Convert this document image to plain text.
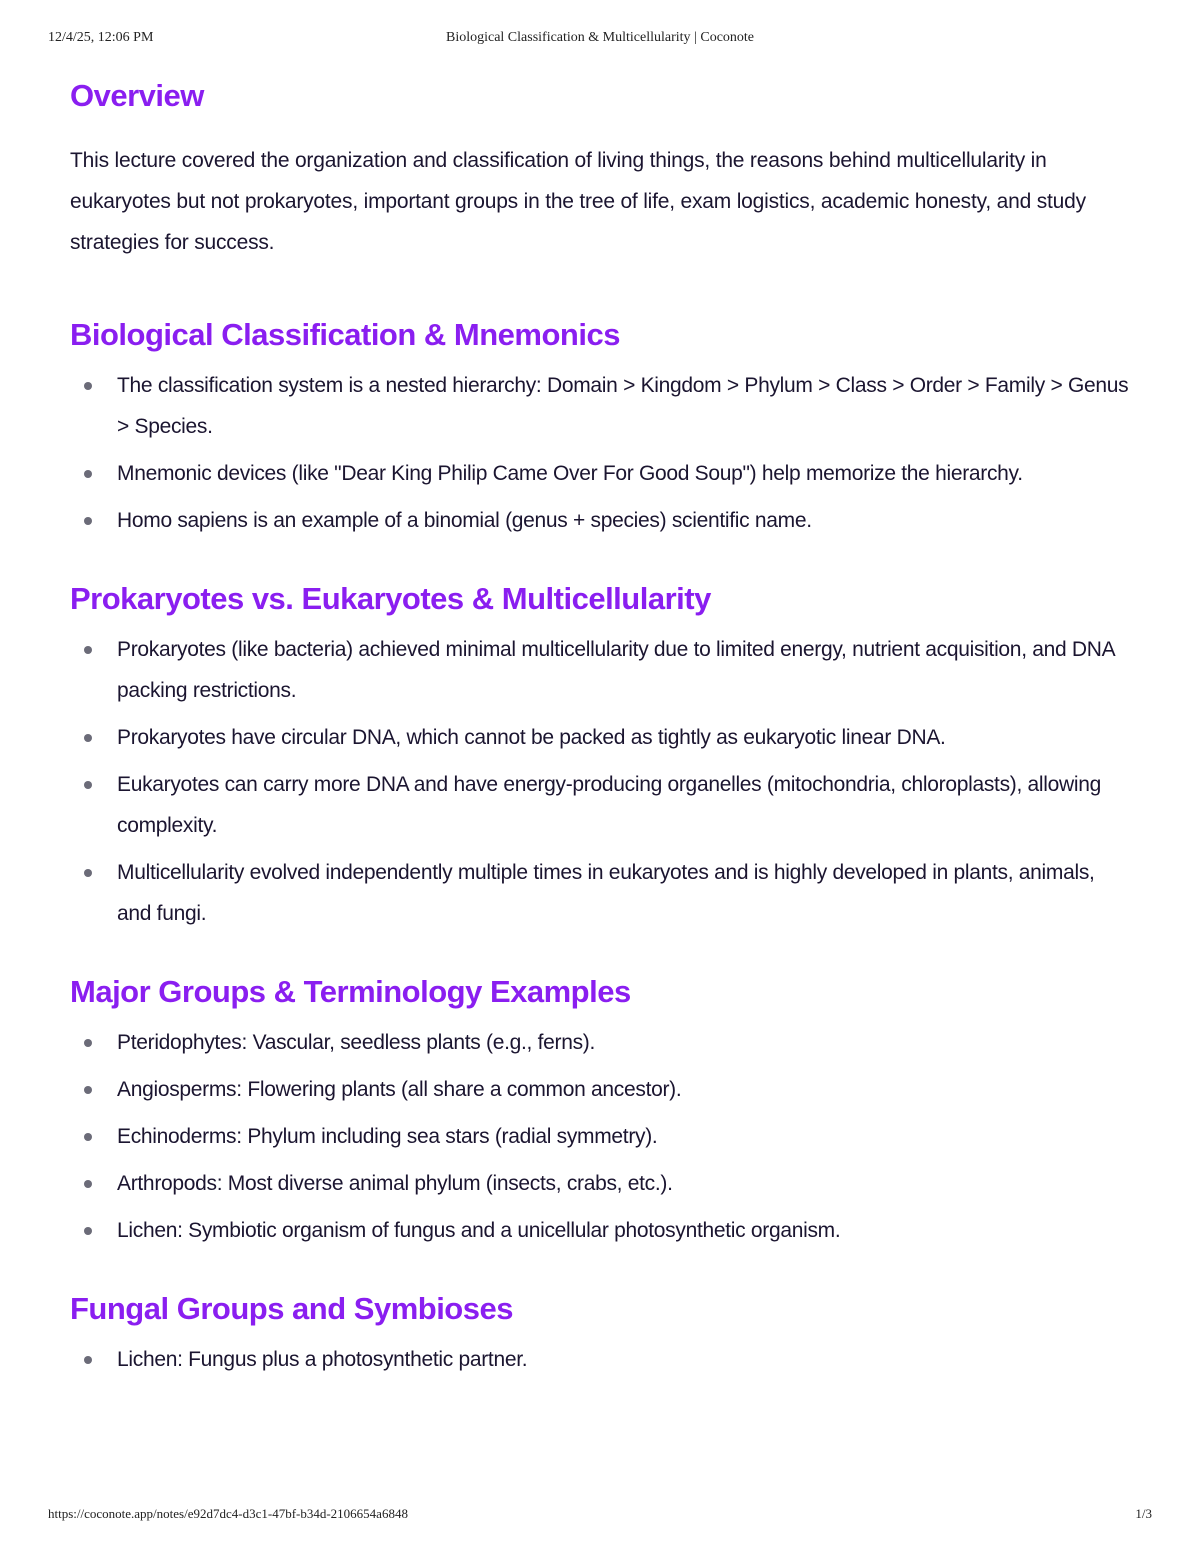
12/4/25, 12:06 PM	Biological Classification & Multicellularity | Coconote
Overview

This lecture covered the organization and classification of living things, the reasons behind multicellularity in eukaryotes but not prokaryotes, important groups in the tree of life, exam logistics, academic honesty, and study strategies for success.

Biological Classification & Mnemonics
The classification system is a nested hierarchy: Domain > Kingdom > Phylum > Class > Order > Family > Genus > Species.
Mnemonic devices (like "Dear King Philip Came Over For Good Soup") help memorize the hierarchy.
Homo sapiens is an example of a binomial (genus + species) scientific name.
Prokaryotes vs. Eukaryotes & Multicellularity
Prokaryotes (like bacteria) achieved minimal multicellularity due to limited energy, nutrient acquisition, and DNA packing restrictions.
Prokaryotes have circular DNA, which cannot be packed as tightly as eukaryotic linear DNA.
Eukaryotes can carry more DNA and have energy-producing organelles (mitochondria, chloroplasts), allowing complexity.
Multicellularity evolved independently multiple times in eukaryotes and is highly developed in plants, animals, and fungi.
Major Groups & Terminology Examples
Pteridophytes: Vascular, seedless plants (e.g., ferns).
Angiosperms: Flowering plants (all share a common ancestor).
Echinoderms: Phylum including sea stars (radial symmetry).
Arthropods: Most diverse animal phylum (insects, crabs, etc.).
Lichen: Symbiotic organism of fungus and a unicellular photosynthetic organism.
Fungal Groups and Symbioses
Lichen: Fungus plus a photosynthetic partner.
https://coconote.app/notes/e92d7dc4-d3c1-47bf-b34d-2106654a6848	1/3
